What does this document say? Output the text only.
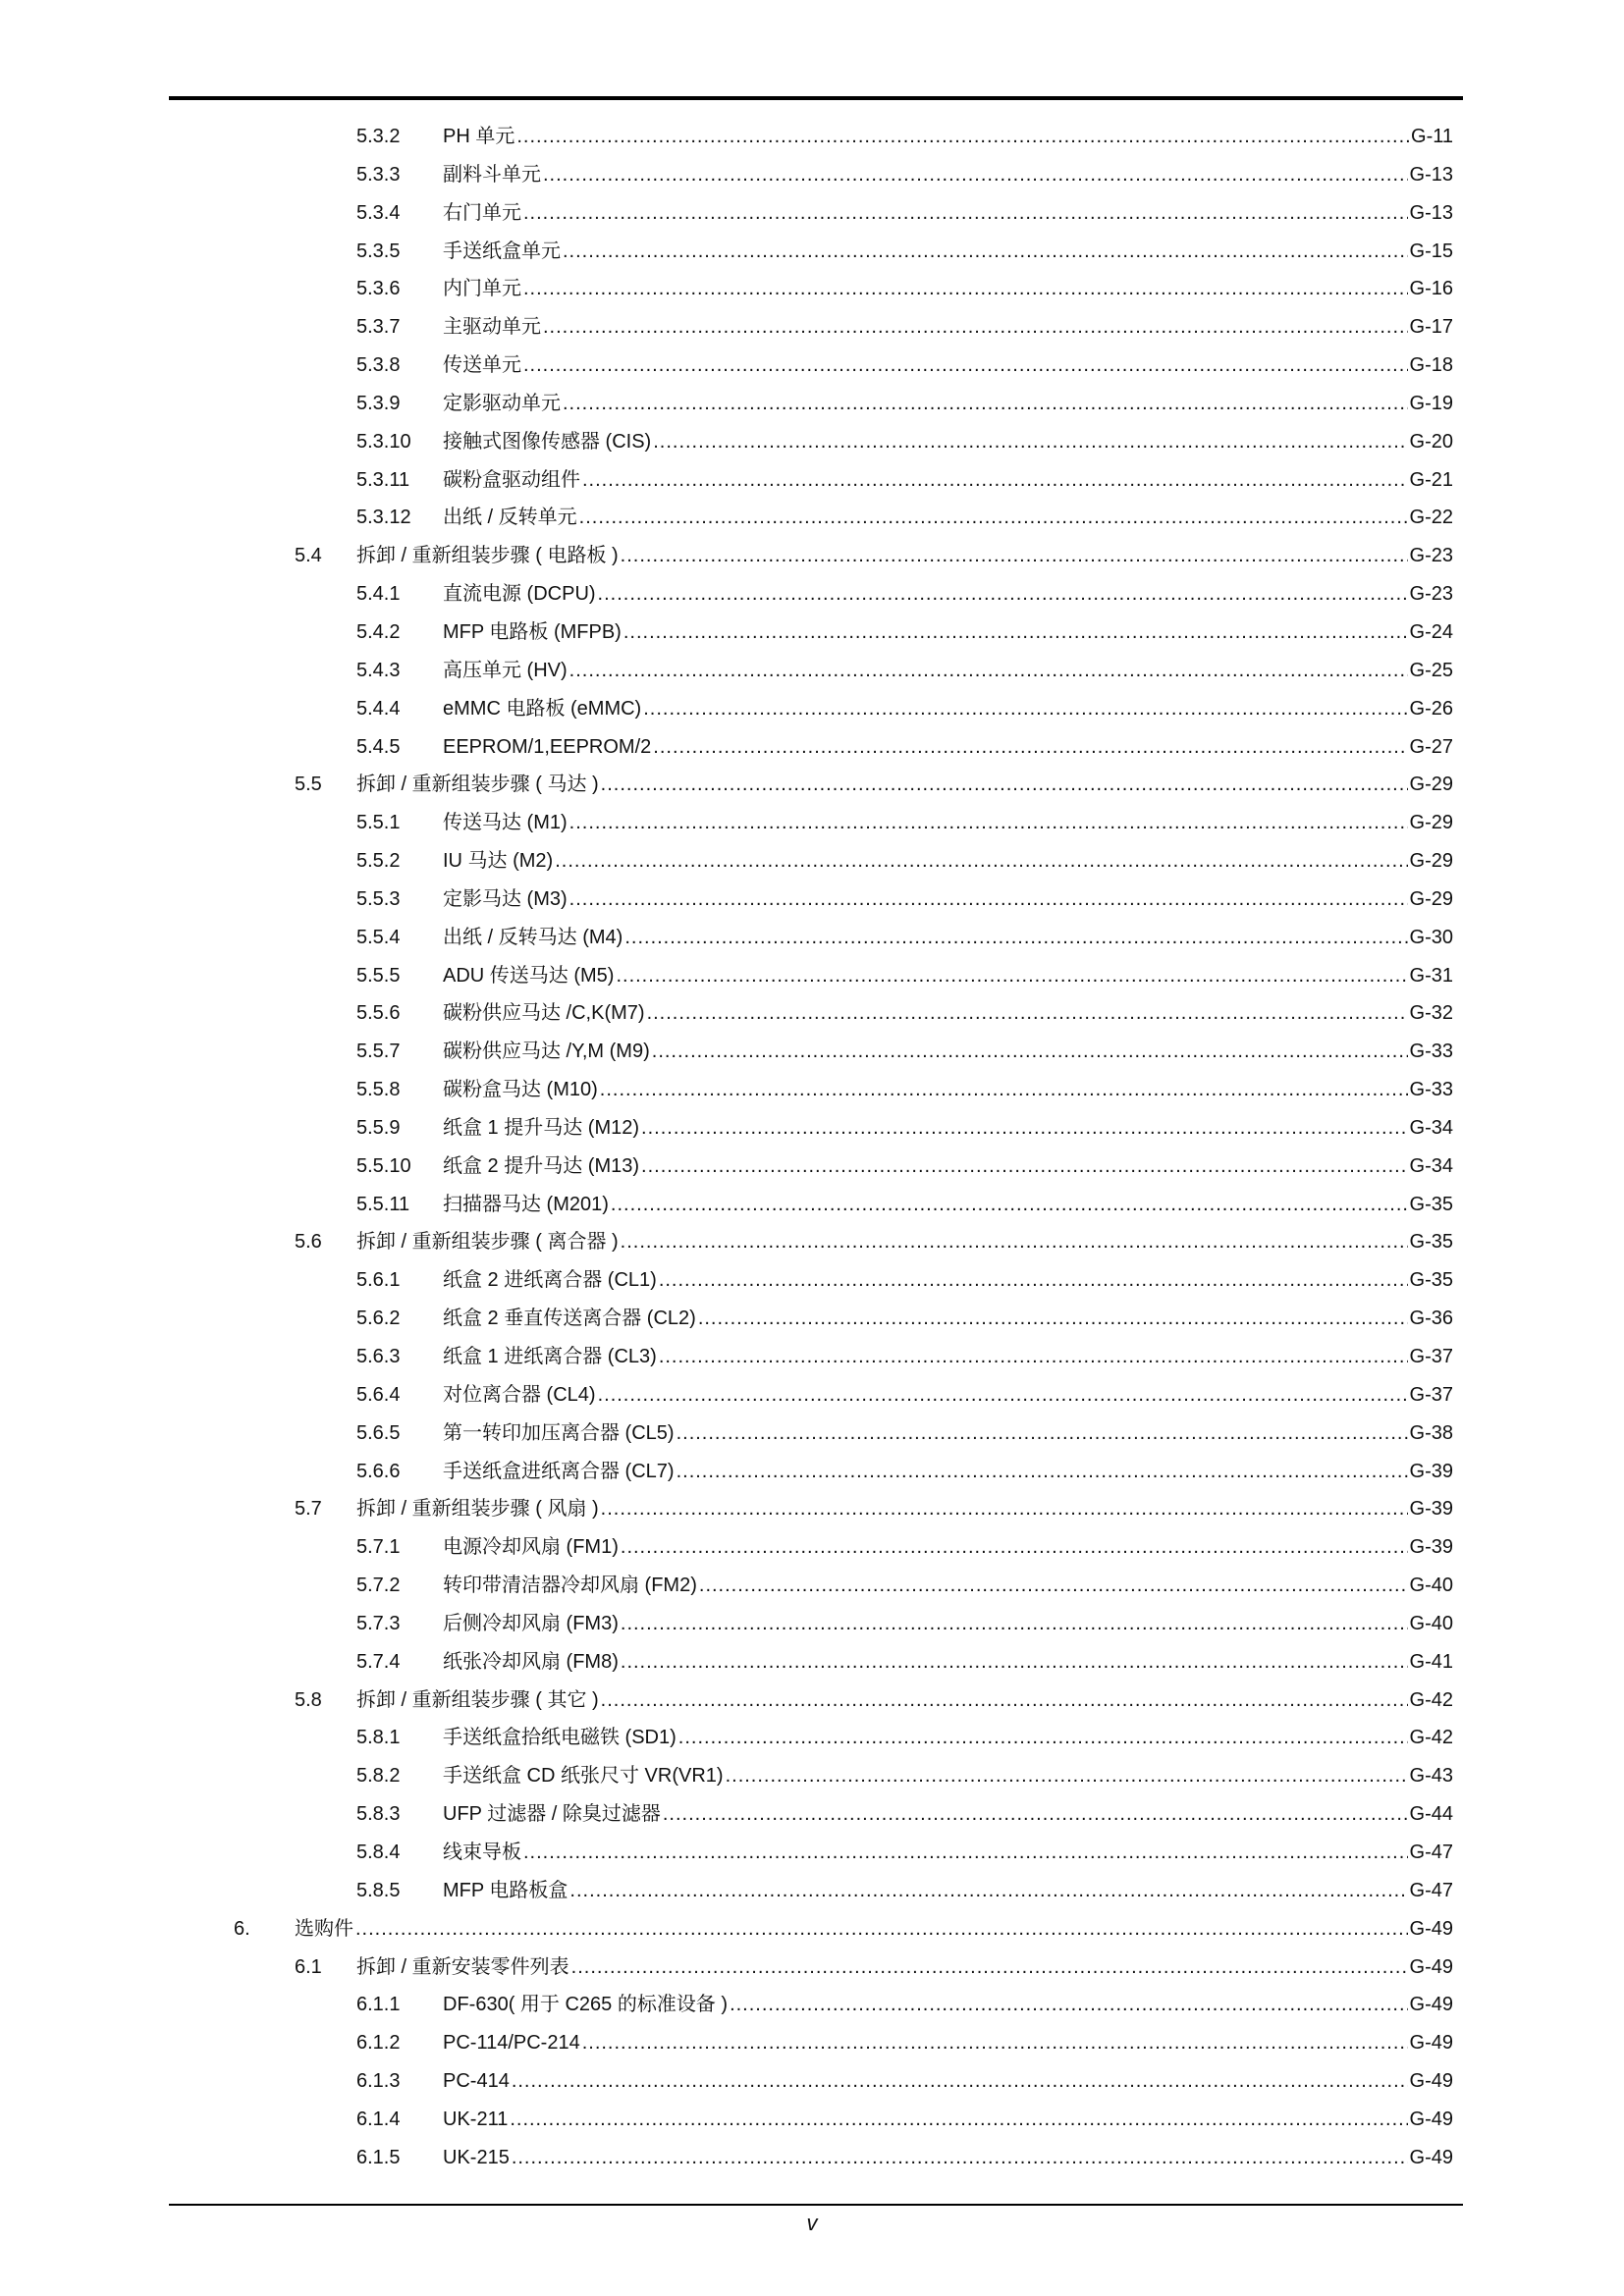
5.3.2 PH 单元 .....	G-11
5.3.3 副料斗单元 .....	G-13
5.3.4 右门单元 .....	G-13
5.3.5 手送纸盒单元 .....	G-15
5.3.6 内门单元 .....	G-16
5.3.7 主驱动单元 .....	G-17
5.3.8 传送单元 .....	G-18
5.3.9 定影驱动单元 .....	G-19
5.3.10 接触式图像传感器 (CIS) .....	G-20
5.3.11 碳粉盒驱动组件 .....	G-21
5.3.12 出纸 / 反转单元 .....	G-22
5.4 拆卸 / 重新组装步骤 ( 电路板 ) .....	G-23
5.4.1 直流电源 (DCPU) .....	G-23
5.4.2 MFP 电路板 (MFPB) .....	G-24
5.4.3 高压单元 (HV) .....	G-25
5.4.4 eMMC 电路板 (eMMC) .....	G-26
5.4.5 EEPROM/1,EEPROM/2 .....	G-27
5.5 拆卸 / 重新组装步骤 ( 马达 ) .....	G-29
5.5.1 传送马达 (M1) .....	G-29
5.5.2 IU 马达 (M2) .....	G-29
5.5.3 定影马达 (M3) .....	G-29
5.5.4 出纸 / 反转马达 (M4) .....	G-30
5.5.5 ADU 传送马达 (M5) .....	G-31
5.5.6 碳粉供应马达 /C,K(M7) .....	G-32
5.5.7 碳粉供应马达 /Y,M (M9) .....	G-33
5.5.8 碳粉盒马达 (M10) .....	G-33
5.5.9 纸盒 1 提升马达 (M12) .....	G-34
5.5.10 纸盒 2 提升马达 (M13) .....	G-34
5.5.11 扫描器马达 (M201) .....	G-35
5.6 拆卸 / 重新组装步骤 ( 离合器 ) .....	G-35
5.6.1 纸盒 2 进纸离合器 (CL1) .....	G-35
5.6.2 纸盒 2 垂直传送离合器 (CL2) .....	G-36
5.6.3 纸盒 1 进纸离合器 (CL3) .....	G-37
5.6.4 对位离合器 (CL4) .....	G-37
5.6.5 第一转印加压离合器 (CL5) .....	G-38
5.6.6 手送纸盒进纸离合器 (CL7) .....	G-39
5.7 拆卸 / 重新组装步骤 ( 风扇 ) .....	G-39
5.7.1 电源冷却风扇 (FM1) .....	G-39
5.7.2 转印带清洁器冷却风扇 (FM2) .....	G-40
5.7.3 后侧冷却风扇 (FM3) .....	G-40
5.7.4 纸张冷却风扇 (FM8) .....	G-41
5.8 拆卸 / 重新组装步骤 ( 其它 ) .....	G-42
5.8.1 手送纸盒拾纸电磁铁 (SD1) .....	G-42
5.8.2 手送纸盒 CD 纸张尺寸 VR(VR1) .....	G-43
5.8.3 UFP 过滤器 / 除臭过滤器 .....	G-44
5.8.4 线束导板 .....	G-47
5.8.5 MFP 电路板盒 .....	G-47
6. 选购件 .....	G-49
6.1 拆卸 / 重新安装零件列表 .....	G-49
6.1.1 DF-630( 用于 C265 的标准设备 ) .....	G-49
6.1.2 PC-114/PC-214 .....	G-49
6.1.3 PC-414 .....	G-49
6.1.4 UK-211 .....	G-49
6.1.5 UK-215 .....	G-49
v
